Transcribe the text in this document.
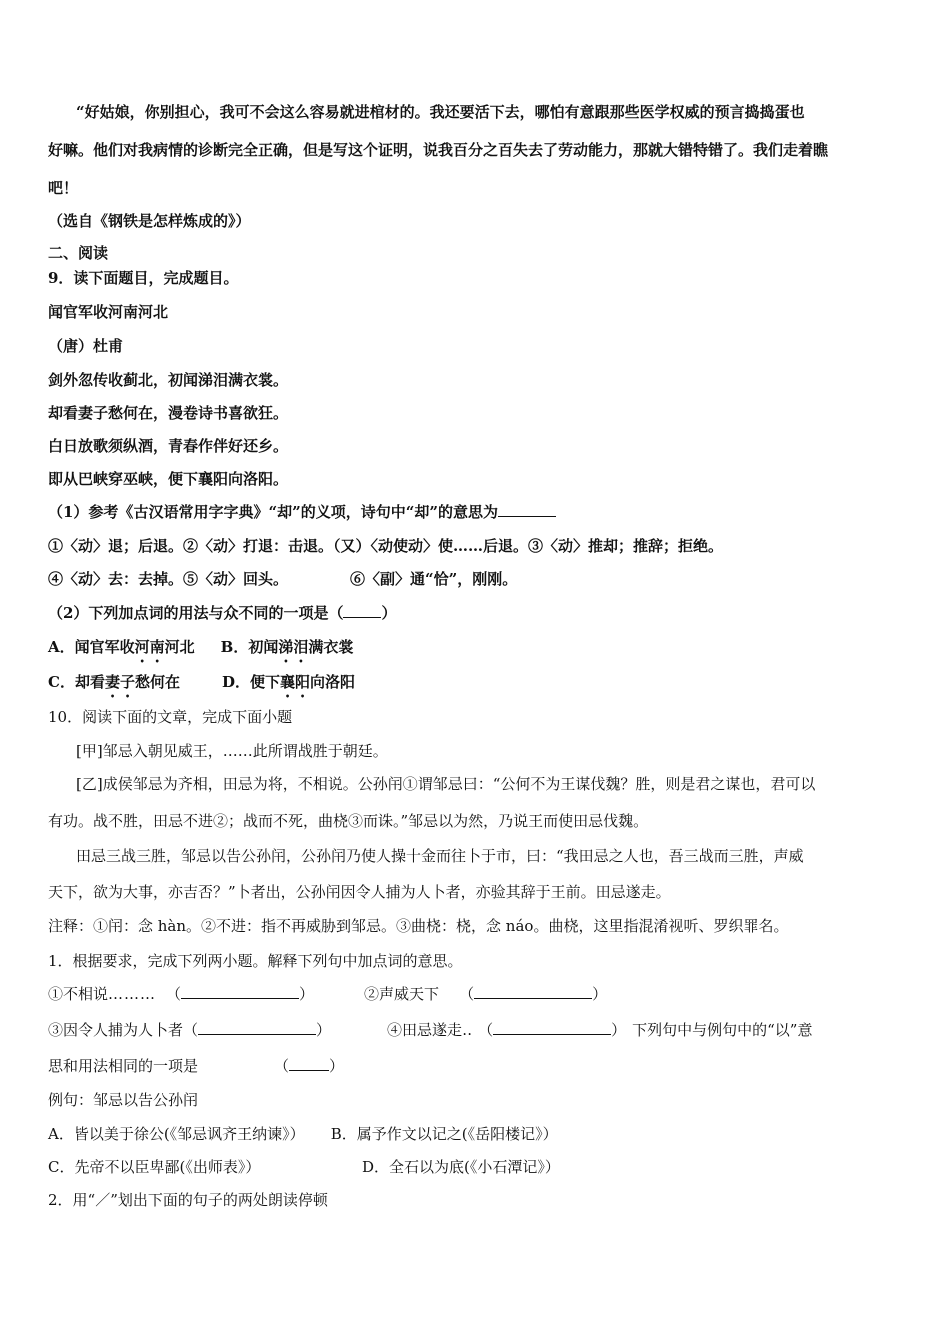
“好姑娘，你别担心，我可不会这么容易就进棺材的。我还要活下去，哪怕有意跟那些医学权威的预言捣捣蛋也
好嘛。他们对我病情的诊断完全正确，但是写这个证明，说我百分之百失去了劳动能力，那就大错特错了。我们走着瞧
吧！
（选自《钢铁是怎样炼成的》）
二、阅读
9．读下面题目，完成题目。
闻官军收河南河北
（唐）杜甫
剑外忽传收蓟北，初闻涕泪满衣裳。
却看妻子愁何在，漫卷诗书喜欲狂。
白日放歌须纵酒，青春作伴好还乡。
即从巴峡穿巫峡，便下襄阳向洛阳。
（1）参考《古汉语常用字字典》“却”的义项，诗句中“却”的意思为
①〈动〉退；后退。②〈动〉打退：击退。（又）〈动使动〉使……后退。③〈动〉推却；推辞；拒绝。
④〈动〉去：去掉。⑤〈动〉回头。	⑥〈副〉通“恰”，刚刚。
（2）下列加点词的用法与众不同的一项是（	）
A．闻官军收河南河北 B．初闻涕泪满衣裳
C．却看妻子愁何在	D．便下襄阳向洛阳
10．阅读下面的文章，完成下面小题
[甲]邹忌入朝见威王，……此所谓战胜于朝廷。
[乙]成侯邹忌为齐相，田忌为将，不相说。公孙闬①谓邹忌曰：“公何不为王谋伐魏？胜，则是君之谋也，君可以
有功。战不胜，田忌不进②；战而不死，曲桡③而诛。”邹忌以为然，乃说王而使田忌伐魏。
田忌三战三胜，邹忌以告公孙闬，公孙闬乃使人操十金而往卜于市，曰：“我田忌之人也，吾三战而三胜，声威
天下，欲为大事，亦吉否？”卜者出，公孙闬因令人捕为人卜者，亦验其辞于王前。田忌遂走。
注释：①闬：念 hàn。②不进：指不再威胁到邹忌。③曲桡：桡，念 náo。曲桡，这里指混淆视听、罗织罪名。
1．根据要求，完成下列两小题。解释下列句中加点词的意思。
①不相说……… （	）	②声威天下 （	）
③因令人捕为人卜者（	）	④田忌遂走‥ （	） 下列句中与例句中的“以”意
思和用法相同的一项是	（	）
例句：邹忌以告公孙闬
A．皆以美于徐公(《邹忌讽齐王纳谏》） B．属予作文以记之(《岳阳楼记》）
C．先帝不以臣卑鄙(《出师表》）	D．全石以为底(《小石潭记》）
2．用“／”划出下面的句子的两处朗读停顿
